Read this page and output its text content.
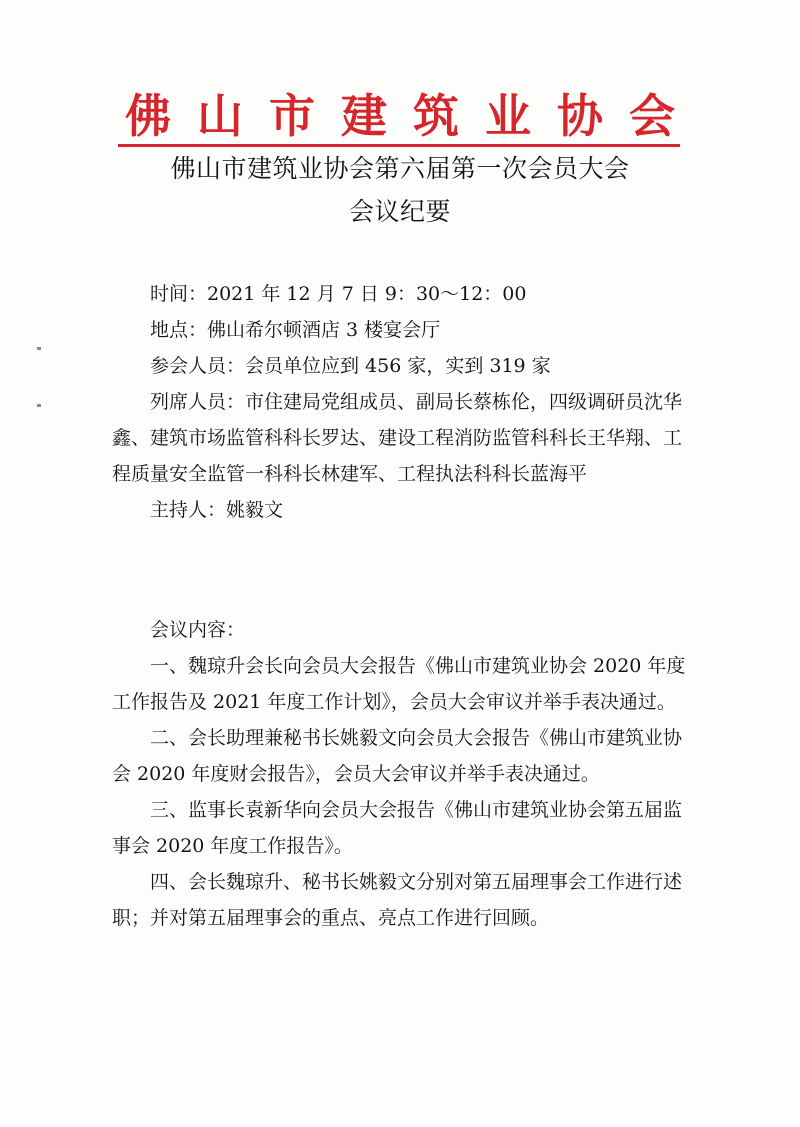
佛山市建筑业协会
佛山市建筑业协会第六届第一次会员大会
会议纪要

时间：2021 年 12 月 7 日 9：30～12：00

地点：佛山希尔顿酒店 3 楼宴会厅

参会人员：会员单位应到 456 家，实到 319 家

列席人员：市住建局党组成员、副局长蔡栋伦，四级调研员沈华鑫、建筑市场监管科科长罗达、建设工程消防监管科科长王华翔、工程质量安全监管一科科长林建军、工程执法科科长蓝海平

主持人：姚毅文

会议内容：

一、魏琼升会长向会员大会报告《佛山市建筑业协会 2020 年度工作报告及 2021 年度工作计划》，会员大会审议并举手表决通过。

二、会长助理兼秘书长姚毅文向会员大会报告《佛山市建筑业协会 2020 年度财会报告》，会员大会审议并举手表决通过。

三、监事长袁新华向会员大会报告《佛山市建筑业协会第五届监事会 2020 年度工作报告》。

四、会长魏琼升、秘书长姚毅文分别对第五届理事会工作进行述职；并对第五届理事会的重点、亮点工作进行回顾。
